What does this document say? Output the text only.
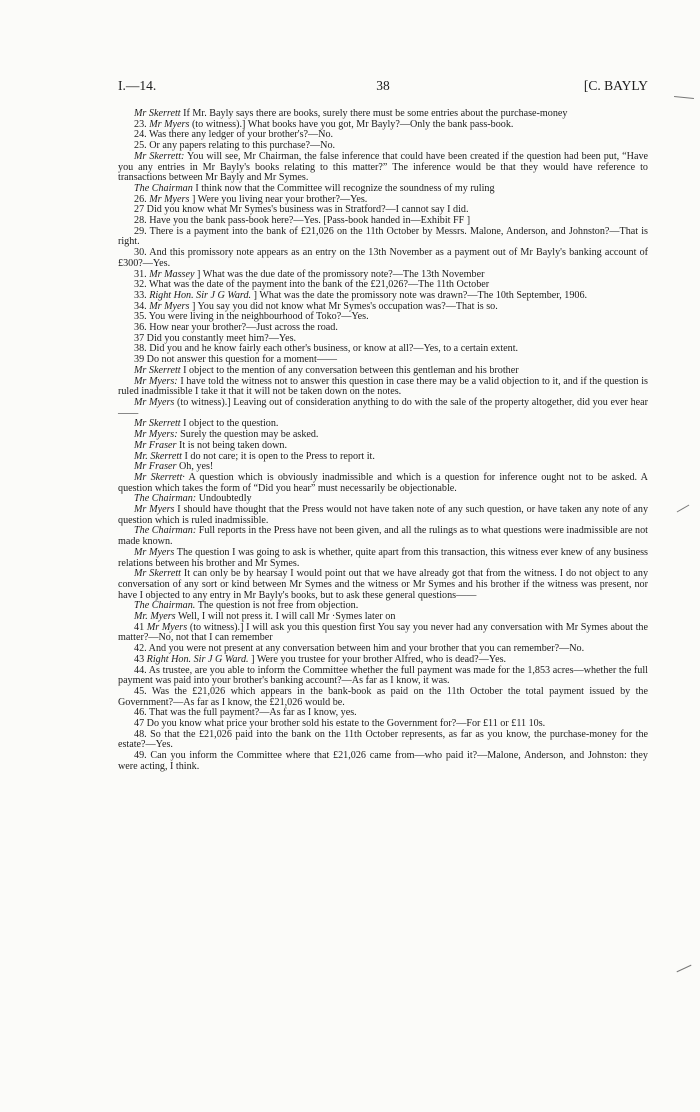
I.—14.	38	[C. BAYLY

Mr Skerrett If Mr. Bayly says there are books, surely there must be some entries about the purchase-money

23. Mr Myers (to witness).] What books have you got, Mr Bayly?—Only the bank pass-book.

24. Was there any ledger of your brother's?—No.

25. Or any papers relating to this purchase?—No.

Mr Skerrett: You will see, Mr Chairman, the false inference that could have been created if the question had been put, “Have you any entries in Mr Bayly's books relating to this matter?” The inference would be that they would have reference to transactions between Mr Bayly and Mr Symes.

The Chairman I think now that the Committee will recognize the soundness of my ruling

26. Mr Myers ] Were you living near your brother?—Yes.

27 Did you know what Mr Symes's business was in Stratford?—I cannot say I did.

28. Have you the bank pass-book here?—Yes. [Pass-book handed in—Exhibit FF ]

29. There is a payment into the bank of £21,026 on the 11th October by Messrs. Malone, Anderson, and Johnston?—That is right.

30. And this promissory note appears as an entry on the 13th November as a payment out of Mr Bayly's banking account of £300?—Yes.

31. Mr Massey ] What was the due date of the promissory note?—The 13th November

32. What was the date of the payment into the bank of the £21,026?—The 11th October

33. Right Hon. Sir J G Ward. ] What was the date the promissory note was drawn?—The 10th September, 1906.

34. Mr Myers ] You say you did not know what Mr Symes's occupation was?—That is so.

35. You were living in the neighbourhood of Toko?—Yes.

36. How near your brother?—Just across the road.

37 Did you constantly meet him?—Yes.

38. Did you and he know fairly each other's business, or know at all?—Yes, to a certain extent.

39 Do not answer this question for a moment——

Mr Skerrett I object to the mention of any conversation between this gentleman and his brother

Mr Myers: I have told the witness not to answer this question in case there may be a valid objection to it, and if the question is ruled inadmissible I take it that it will not be taken down on the notes.

Mr Myers (to witness).] Leaving out of consideration anything to do with the sale of the property altogether, did you ever hear——

Mr Skerrett I object to the question.

Mr Myers: Surely the question may be asked.

Mr Fraser It is not being taken down.

Mr. Skerrett I do not care; it is open to the Press to report it.

Mr Fraser Oh, yes!

Mr Skerrett· A question which is obviously inadmissible and which is a question for inference ought not to be asked. A question which takes the form of “Did you hear” must necessarily be objectionable.

The Chairman: Undoubtedly

Mr Myers I should have thought that the Press would not have taken note of any such question, or have taken any note of any question which is ruled inadmissible.

The Chairman: Full reports in the Press have not been given, and all the rulings as to what questions were inadmissible are not made known.

Mr Myers The question I was going to ask is whether, quite apart from this transaction, this witness ever knew of any business relations between his brother and Mr Symes.

Mr Skerrett It can only be by hearsay I would point out that we have already got that from the witness. I do not object to any conversation of any sort or kind between Mr Symes and the witness or Mr Symes and his brother if the witness was present, nor have I objected to any entry in Mr Bayly's books, but to ask these general questions——

The Chairman. The question is not free from objection.

Mr. Myers Well, I will not press it. I will call Mr ·Symes later on

41 Mr Myers (to witness).] I will ask you this question first You say you never had any conversation with Mr Symes about the matter?—No, not that I can remember

42. And you were not present at any conversation between him and your brother that you can remember?—No.

43 Right Hon. Sir J G Ward. ] Were you trustee for your brother Alfred, who is dead?—Yes.

44. As trustee, are you able to inform the Committee whether the full payment was made for the 1,853 acres—whether the full payment was paid into your brother's banking account?—As far as I know, it was.

45. Was the £21,026 which appears in the bank-book as paid on the 11th October the total payment issued by the Government?—As far as I know, the £21,026 would be.

46. That was the full payment?—As far as I know, yes.

47 Do you know what price your brother sold his estate to the Government for?—For £11 or £11 10s.

48. So that the £21,026 paid into the bank on the 11th October represents, as far as you know, the purchase-money for the estate?—Yes.

49. Can you inform the Committee where that £21,026 came from—who paid it?—Malone, Anderson, and Johnston: they were acting, I think.
